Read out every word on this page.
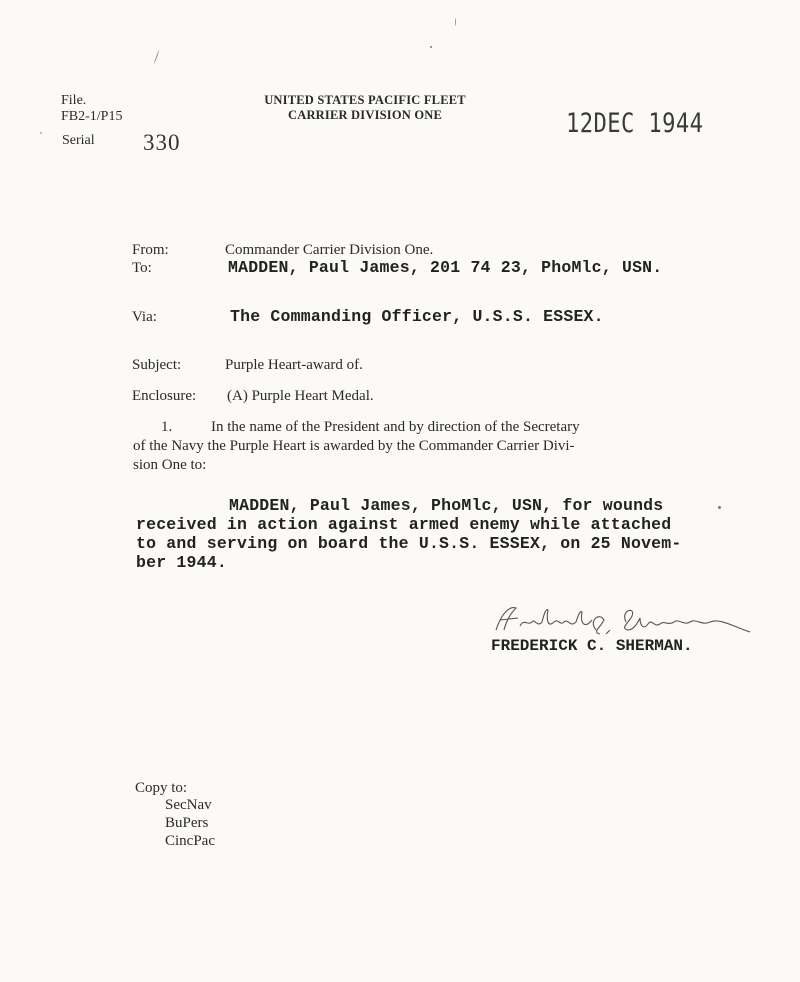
File.
FB2-1/P15
Serial 330
UNITED STATES PACIFIC FLEET
CARRIER DIVISION ONE	12DEC 1944
From:	Commander Carrier Division One.
To:	MADDEN, Paul James, 201 74 23, PhoMlc, USN.
Via:	The Commanding Officer, U.S.S. ESSEX.
Subject:	Purple Heart-award of.
Enclosure: (A) Purple Heart Medal.
1.	In the name of the President and by direction of the Secretary
of the Navy the Purple Heart is awarded by the Commander Carrier Divi-
sion One to:
MADDEN, Paul James, PhoMlc, USN, for wounds
received in action against armed enemy while attached
to and serving on board the U.S.S. ESSEX, on 25 Novem-
ber 1944.
FREDERICK C. SHERMAN.
Copy to:
SecNav
BuPers
CincPac
